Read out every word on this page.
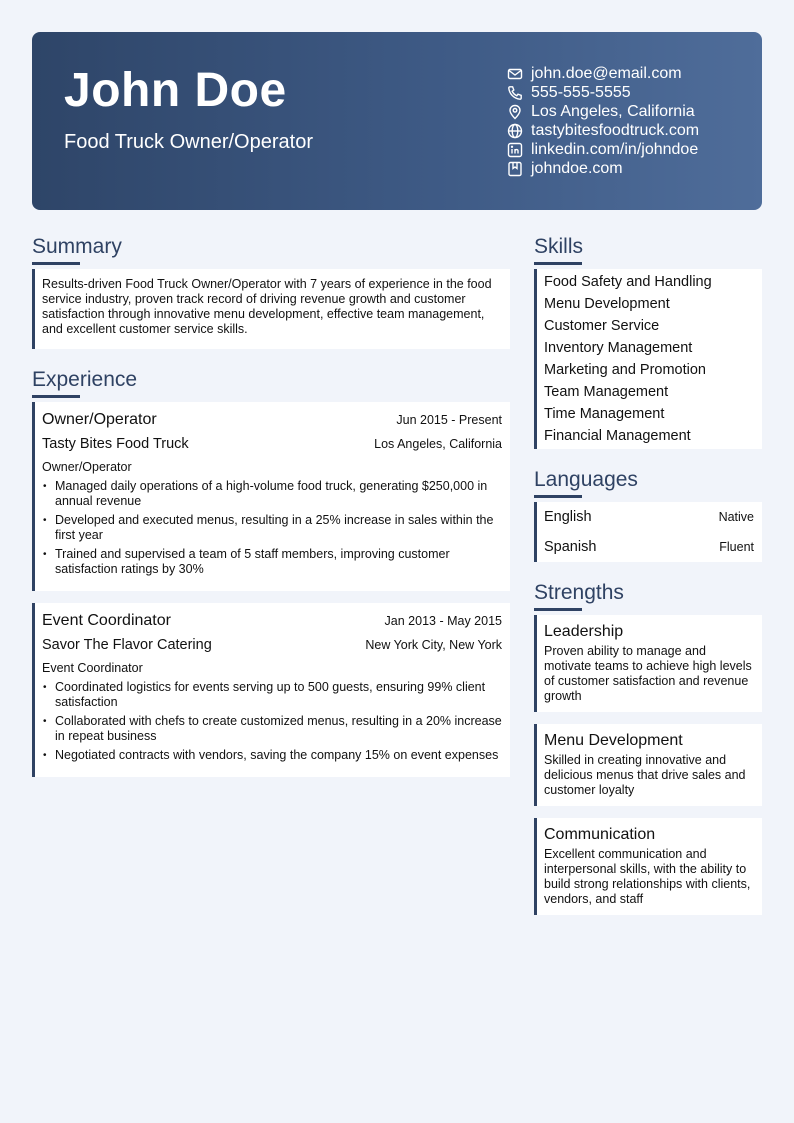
John Doe
Food Truck Owner/Operator
john.doe@email.com
555-555-5555
Los Angeles, California
tastybitesfoodtruck.com
linkedin.com/in/johndoe
johndoe.com
Summary
Results-driven Food Truck Owner/Operator with 7 years of experience in the food service industry, proven track record of driving revenue growth and customer satisfaction through innovative menu development, effective team management, and excellent customer service skills.
Experience
Owner/Operator	Jun 2015 - Present
Tasty Bites Food Truck	Los Angeles, California
Owner/Operator
• Managed daily operations of a high-volume food truck, generating $250,000 in annual revenue
• Developed and executed menus, resulting in a 25% increase in sales within the first year
• Trained and supervised a team of 5 staff members, improving customer satisfaction ratings by 30%
Event Coordinator	Jan 2013 - May 2015
Savor The Flavor Catering	New York City, New York
Event Coordinator
• Coordinated logistics for events serving up to 500 guests, ensuring 99% client satisfaction
• Collaborated with chefs to create customized menus, resulting in a 20% increase in repeat business
• Negotiated contracts with vendors, saving the company 15% on event expenses
Skills
Food Safety and Handling
Menu Development
Customer Service
Inventory Management
Marketing and Promotion
Team Management
Time Management
Financial Management
Languages
English	Native
Spanish	Fluent
Strengths
Leadership
Proven ability to manage and motivate teams to achieve high levels of customer satisfaction and revenue growth
Menu Development
Skilled in creating innovative and delicious menus that drive sales and customer loyalty
Communication
Excellent communication and interpersonal skills, with the ability to build strong relationships with clients, vendors, and staff
